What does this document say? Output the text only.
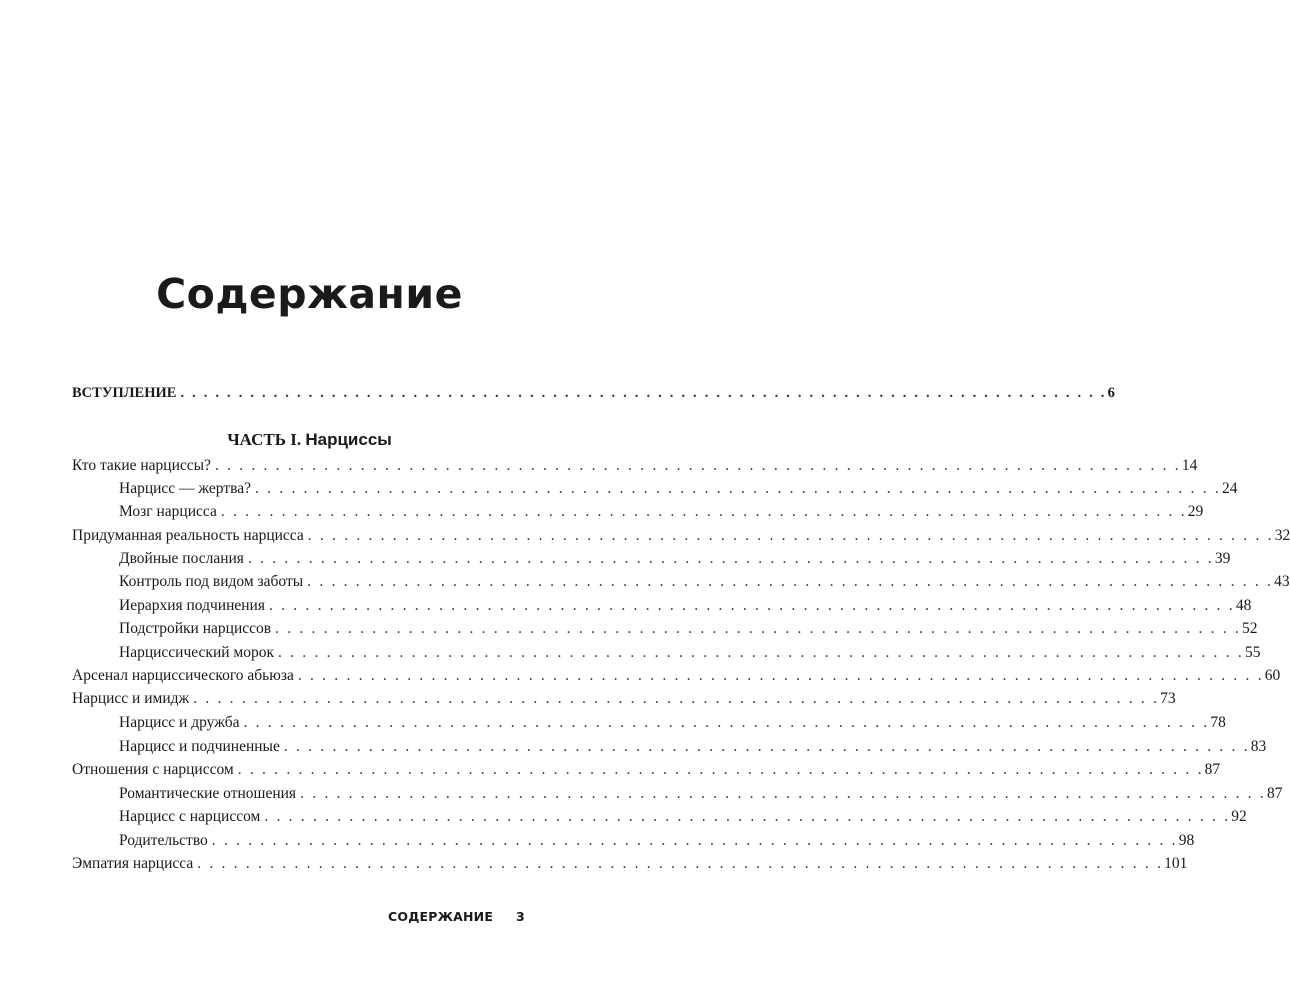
Содержание
ВСТУПЛЕНИЕ . . . . . . . . . . . . . . . . . . . . . . . . . . . . . . . . . . . . . . . . . . . . . . . . . . . . . . . . . . . . . . . . . . . . . . . . . . . . . . . . 6
ЧАСТЬ I. Нарциссы
Кто такие нарциссы? . . . . . . . . . . . . . . . . . . . . . . . . . . . . . . . . . . . . . . . . . . . . . . . . . . . . . . . . . . . . . . . . . . . . . . . . . . . . . . . . 14
Нарцисс — жертва? . . . . . . . . . . . . . . . . . . . . . . . . . . . . . . . . . . . . . . . . . . . . . . . . . . . . . . . . . . . . . . . . . . . . . . . . . . . . . . . . 24
Мозг нарцисса . . . . . . . . . . . . . . . . . . . . . . . . . . . . . . . . . . . . . . . . . . . . . . . . . . . . . . . . . . . . . . . . . . . . . . . . . . . . . . . . 29
Придуманная реальность нарцисса . . . . . . . . . . . . . . . . . . . . . . . . . . . . . . . . . . . . . . . . . . . . . . . . . . . . . . . . . . . . . . . . . . . . . . . . . . . . . . . . 32
Двойные послания . . . . . . . . . . . . . . . . . . . . . . . . . . . . . . . . . . . . . . . . . . . . . . . . . . . . . . . . . . . . . . . . . . . . . . . . . . . . . . . . 39
Контроль под видом заботы . . . . . . . . . . . . . . . . . . . . . . . . . . . . . . . . . . . . . . . . . . . . . . . . . . . . . . . . . . . . . . . . . . . . . . . . . . . . . . . . 43
Иерархия подчинения . . . . . . . . . . . . . . . . . . . . . . . . . . . . . . . . . . . . . . . . . . . . . . . . . . . . . . . . . . . . . . . . . . . . . . . . . . . . . . . . 48
Подстройки нарциссов . . . . . . . . . . . . . . . . . . . . . . . . . . . . . . . . . . . . . . . . . . . . . . . . . . . . . . . . . . . . . . . . . . . . . . . . . . . . . . . . 52
Нарциссический морок . . . . . . . . . . . . . . . . . . . . . . . . . . . . . . . . . . . . . . . . . . . . . . . . . . . . . . . . . . . . . . . . . . . . . . . . . . . . . . . . 55
Арсенал нарциссического абьюза . . . . . . . . . . . . . . . . . . . . . . . . . . . . . . . . . . . . . . . . . . . . . . . . . . . . . . . . . . . . . . . . . . . . . . . . . . . . . . . . 60
Нарцисс и имидж . . . . . . . . . . . . . . . . . . . . . . . . . . . . . . . . . . . . . . . . . . . . . . . . . . . . . . . . . . . . . . . . . . . . . . . . . . . . . . . . 73
Нарцисс и дружба . . . . . . . . . . . . . . . . . . . . . . . . . . . . . . . . . . . . . . . . . . . . . . . . . . . . . . . . . . . . . . . . . . . . . . . . . . . . . . . . 78
Нарцисс и подчиненные . . . . . . . . . . . . . . . . . . . . . . . . . . . . . . . . . . . . . . . . . . . . . . . . . . . . . . . . . . . . . . . . . . . . . . . . . . . . . . . . 83
Отношения с нарциссом . . . . . . . . . . . . . . . . . . . . . . . . . . . . . . . . . . . . . . . . . . . . . . . . . . . . . . . . . . . . . . . . . . . . . . . . . . . . . . . . 87
Романтические отношения . . . . . . . . . . . . . . . . . . . . . . . . . . . . . . . . . . . . . . . . . . . . . . . . . . . . . . . . . . . . . . . . . . . . . . . . . . . . . . . . 87
Нарцисс с нарциссом . . . . . . . . . . . . . . . . . . . . . . . . . . . . . . . . . . . . . . . . . . . . . . . . . . . . . . . . . . . . . . . . . . . . . . . . . . . . . . . . 92
Родительство . . . . . . . . . . . . . . . . . . . . . . . . . . . . . . . . . . . . . . . . . . . . . . . . . . . . . . . . . . . . . . . . . . . . . . . . . . . . . . . . 98
Эмпатия нарцисса . . . . . . . . . . . . . . . . . . . . . . . . . . . . . . . . . . . . . . . . . . . . . . . . . . . . . . . . . . . . . . . . . . . . . . . . . . . . . . . . 101
СОДЕРЖАНИЕ 3
